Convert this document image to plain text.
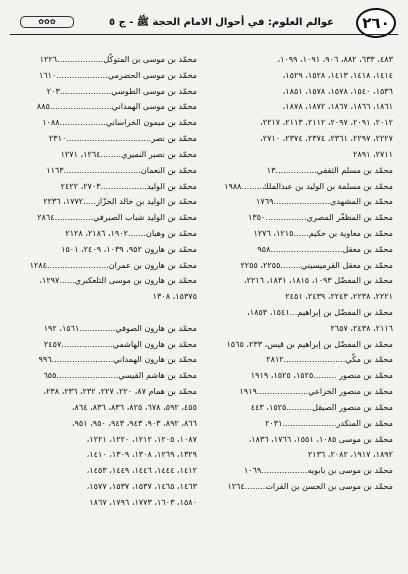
٢٦٠
✿✿✿	عوالم العلوم: في أحوال الامام الحجة ﷺ - ج ٥
٤٨٣، ٦٣٣، ٨٨٢، ٩٠٦، ١٠٩١، ١٠٩٩،
١٤١٤، ١٤١٨، ١٤١٣، ١٥٢٨، ١٥٢٩،
١٥٣٦، ١٥٤٠، ١٥٧٨، ١٥٧٨، ١٨٥١،
١٨٦١، ١٨٦٦، ١٨٦٧، ١٨٧٢، ١٨٧٨،
٢٠١٢، ٢٠٩١، ٢٠٩٧، ٢١١٢، ٢١١٣، ٢٢١٧،
٢٢٢٧، ٢٢٩٧، ٢٣٦١، ٢٣٧٤، ٢٣٧٤، ٢٧١٠،
٢٧١١، ٢٨٩١
محمّد بن مسلم الثقفي................١٣
محمّد بن مسلمة بن الوليد بن عبدالملك........١٩٨٨
محمّد بن المشهدي......................١٧٦٩
محمّد بن المظفّر المصري................١٣٥٠
محمّد بن معاوية بن حكيم......١٢١٥، ١٢٧٦
محمّد بن معقل............................٩٥٨
محمّد بن معقل القرميسيني........٢٢٥٥، ٢٢٥٥
محمّد بن المفضّل ١٠٩٣، ١٨١٥، ١٨٣١، ٢٢١٦،
٢٢٢١، ٢٢٣٨، ٢٢٤٣، ٢٤٣٩، ٢٤٥١
محمّد بن المفضّل بن إبراهيم...١٥٤١، ١٨٥٣،
٢١١٦، ٢٤٣٨، ٢٦٥٧
محمّد بن المفضّل بن إبراهيم بن قيس، ٢٣٣، ١٥٦٥
محمّد بن مكّي........................٢٨١٢
محمّد بن منصور .........١٥٢٥، ١٥٢٥، ١٩١٩
محمّد بن منصور الخزاعي....................١٩١٩
محمّد بن منصور الصيقل..........١٥٢٥، ٤٤٣
محمّد بن المنكدر.....................٢٠٣١
محمّد بن موسى ١٠٨٥، ١٥٥١، ١٧٦٦، ١٨٣٦،
١٨٩٢، ١٩١٧، ٢٠٨٢، ٢١٣٦
محمّد بن موسى بن بابويه..................١٠٦٩
محمّد بن موسى بن الحسن بن الفرات........١٢٦٤
محمّد بن موسى بن المتوكّل..................١٢٢٦
محمّد بن موسى الحضرمي....................١٦١٠
محمّد بن موسى الطوسي....................٢٠٣
محمّد بن موسى الهمداني........................٨٨٥
محمّد بن ميمون الخراساني..................١٠٨٨
محمّد بن نصر.................................٢٣١٠
محمّد بن نصير النميري........١٢٦٤، ١٢٧١
محمّد بن النعمان..............................١١٦٣
محمّد بن الوليد..................٢٧٠٣، ٢٤٢٢
محمّد بن الوليد بن خالد الخزّاز.....١٧٧٢، ٢٢٣٦
محمّد بن الوليد شباب الصيرفي...............٢٨٦٤
محمّد بن وهبان.......١٩٠٢، ٢١٨٦، ٢١٢٨
محمّد بن هارون ٩٥٢، ١٠٣٩، ٢٤٠٩، ١٥٠١
محمّد بن هارون بن عمران........................١٢٨٤
محمّد بن هارون بن موسى التلعكبري......١٢٩٧،
١٥٣٧٥، ١٣٠٨
محمّد بن هارون الصوفي..............١٥٦١، ١٩٢
محمّد بن هارون الهاشمي....................٢٤٥٧
محمّد بن هارون الهمداني........................٩٩٦
محمّد بن هاشم القيسي........................٦٥٥
محمّد بن همام ٨٧، ٢٢٠، ٢٢٧، ٢٣٢، ٢٣٦، ٢٣٨،
٤٥٥، ٥٩٢، ٦٧٨، ٨٢٥، ٨٣٦، ٨٣٦، ٨٦٤،
٨٦٦، ٨٩٢، ٩٠٣، ٩٤٣، ٩٤٣، ٩٥٠، ٩٥١،
١٠٨٧، ١٢٠٥، ١٢١٢، ١٢٢٠، ١٢٢١،
١٣٢٩، ١٢٦٩، ١٣٠٨، ١٣٠٩، ١٤١٠،
١٤١٢، ١٤٤٤، ١٤٤٦، ١٤٤٩، ١٤٥٣،
١٤٦٣، ١٤٦٥، ١٥٣٧، ١٥٣٧، ١٥٧٧،
١٥٨٠، ١٦٠٣، ١٧٧٣، ١٧٩٦، ١٨٦٧
